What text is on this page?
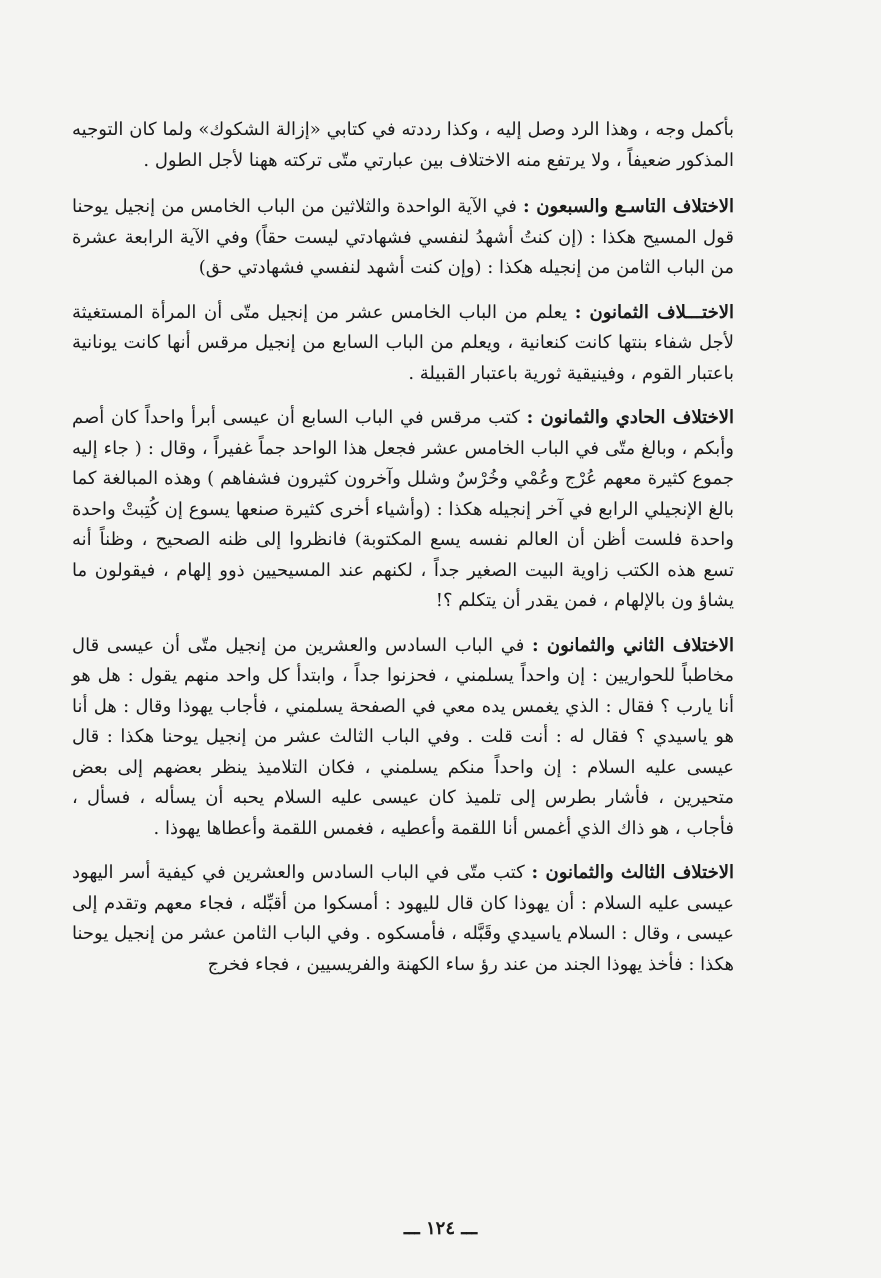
بأكمل وجه ، وهذا الرد وصل إليه ، وكذا رددته في كتابي «إزالة الشكوك» ولما كان التوجيه المذكور ضعيفاً ، ولا يرتفع منه الاختلاف بين عبارتي متّى تركته ههنا لأجل الطول .

الاختلاف التاسـع والسبعون : في الآية الواحدة والثلاثين من الباب الخامس من إنجيل يوحنا قول المسيح هكذا : (إن كنتُ أشهدُ لنفسي فشهادتي ليست حقاً) وفي الآية الرابعة عشرة من الباب الثامن من إنجيله هكذا : (وإن كنت أشهد لنفسي فشهادتي حق)

الاختـــلاف الثمانون : يعلم من الباب الخامس عشر من إنجيل متّى أن المرأة المستغيثة لأجل شفاء بنتها كانت كنعانية ، ويعلم من الباب السابع من إنجيل مرقس أنها كانت يونانية باعتبار القوم ، وفينيقية ثورية باعتبار القبيلة .

الاختلاف الحادي والثمانون : كتب مرقس في الباب السابع أن عيسى أبرأ واحداً كان أصم وأبكم ، وبالغ متّى في الباب الخامس عشر فجعل هذا الواحد جماً غفيراً ، وقال : ( جاء إليه جموع كثيرة معهم عُرْج وعُمْي وخُرْسٌ وشلل وآخرون كثيرون فشفاهم ) وهذه المبالغة كما بالغ الإنجيلي الرابع في آخر إنجيله هكذا : (وأشياء أخرى كثيرة صنعها يسوع إن كُتِبتْ واحدة واحدة فلست أظن أن العالم نفسه يسع المكتوبة) فانظروا إلى ظنه الصحيح ، وظناً أنه تسع هذه الكتب زاوية البيت الصغير جداً ، لكنهم عند المسيحيين ذوو إلهام ، فيقولون ما يشاؤ ون بالإلهام ، فمن يقدر أن يتكلم ؟!

الاختلاف الثاني والثمانون : في الباب السادس والعشرين من إنجيل متّى أن عيسى قال مخاطباً للحواريين : إن واحداً يسلمني ، فحزنوا جداً ، وابتدأ كل واحد منهم يقول : هل هو أنا يارب ؟ فقال : الذي يغمس يده معي في الصفحة يسلمني ، فأجاب يهوذا وقال : هل أنا هو ياسيدي ؟ فقال له : أنت قلت . وفي الباب الثالث عشر من إنجيل يوحنا هكذا : قال عيسى عليه السلام : إن واحداً منكم يسلمني ، فكان التلاميذ ينظر بعضهم إلى بعض متحيرين ، فأشار بطرس إلى تلميذ كان عيسى عليه السلام يحبه أن يسأله ، فسأل ، فأجاب ، هو ذاك الذي أغمس أنا اللقمة وأعطيه ، فغمس اللقمة وأعطاها يهوذا .

الاختلاف الثالث والثمانون : كتب متّى في الباب السادس والعشرين في كيفية أسر اليهود عيسى عليه السلام : أن يهوذا كان قال لليهود : أمسكوا من أقبِّله ، فجاء معهم وتقدم إلى عيسى ، وقال : السلام ياسيدي وقَبَّله ، فأمسكوه . وفي الباب الثامن عشر من إنجيل يوحنا هكذا : فأخذ يهوذا الجند من عند رؤ ساء الكهنة والفريسيين ، فجاء فخرج

ـــ ١٢٤ ـــ
